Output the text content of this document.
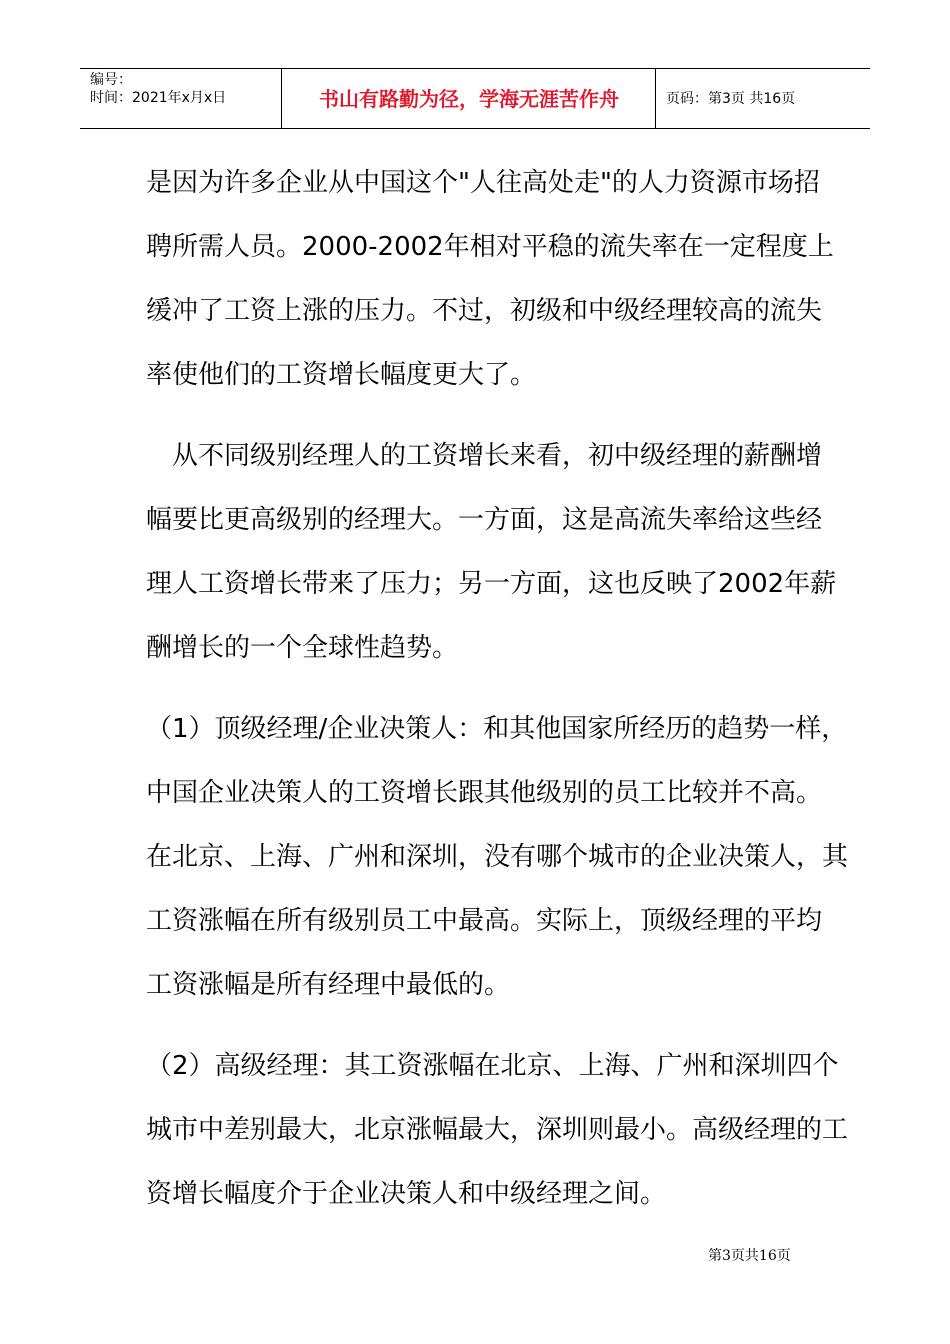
编号：
时间：2021年x月x日	书山有路勤为径，学海无涯苦作舟	页码：第3页 共16页
是因为许多企业从中国这个"人往高处走"的人力资源市场招
聘所需人员。2000-2002年相对平稳的流失率在一定程度上
缓冲了工资上涨的压力。不过，初级和中级经理较高的流失
率使他们的工资增长幅度更大了。
从不同级别经理人的工资增长来看，初中级经理的薪酬增
幅要比更高级别的经理大。一方面，这是高流失率给这些经
理人工资增长带来了压力；另一方面，这也反映了2002年薪
酬增长的一个全球性趋势。
（1）顶级经理/企业决策人：和其他国家所经历的趋势一样，
中国企业决策人的工资增长跟其他级别的员工比较并不高。
在北京、上海、广州和深圳，没有哪个城市的企业决策人，其
工资涨幅在所有级别员工中最高。实际上，顶级经理的平均
工资涨幅是所有经理中最低的。
（2）高级经理：其工资涨幅在北京、上海、广州和深圳四个
城市中差别最大，北京涨幅最大，深圳则最小。高级经理的工
资增长幅度介于企业决策人和中级经理之间。
第3页共16页
